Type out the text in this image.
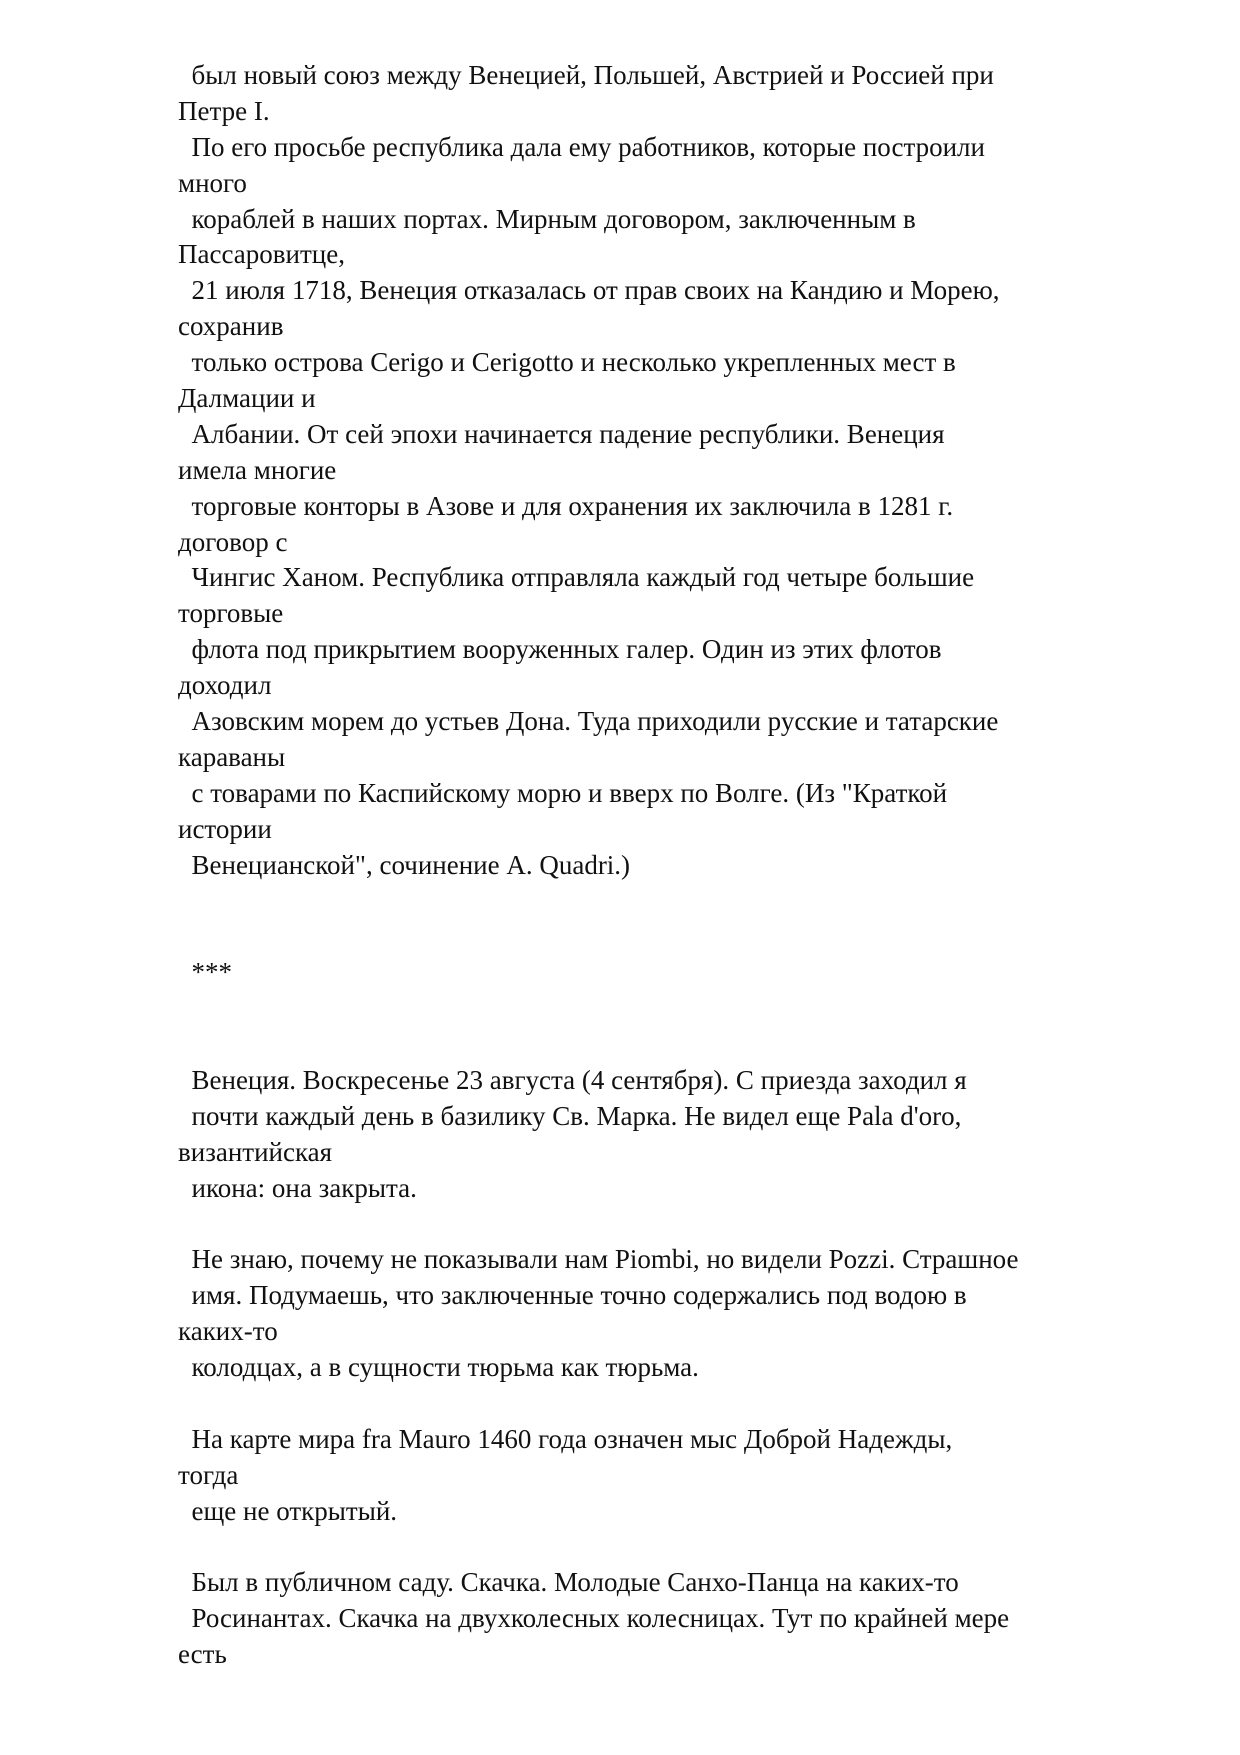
был новый союз между Венецией, Польшей, Австрией и Россией при
Петре I.
По его просьбе республика дала ему работников, которые построили
много
кораблей в наших портах. Мирным договором, заключенным в
Пассаровитце,
21 июля 1718, Венеция отказалась от прав своих на Кандию и Морею,
сохранив
только острова Cerigo и Cerigotto и несколько укрепленных мест в
Далмации и
Албании. От сей эпохи начинается падение республики. Венеция
имела многие
торговые конторы в Азове и для охранения их заключила в 1281 г.
договор с
Чингис Ханом. Республика отправляла каждый год четыре большие
торговые
флота под прикрытием вооруженных галер. Один из этих флотов
доходил
Азовским морем до устьев Дона. Туда приходили русские и татарские
караваны
с товарами по Каспийскому морю и вверх по Волге. (Из "Краткой
истории
Венецианской", сочинение A. Quadri.)
***
Венеция. Воскресенье 23 августа (4 сентября). С приезда заходил я
почти каждый день в базилику Св. Марка. Не видел еще Pala d'oro,
византийская
икона: она закрыта.
Не знаю, почему не показывали нам Piombi, но видели Pozzi. Страшное
имя. Подумаешь, что заключенные точно содержались под водою в
каких-то
колодцах, а в сущности тюрьма как тюрьма.
На карте мира fra Mauro 1460 года означен мыс Доброй Надежды,
тогда
еще не открытый.
Был в публичном саду. Скачка. Молодые Санхо-Панца на каких-то
Росинантах. Скачка на двухколесных колесницах. Тут по крайней мере
есть
